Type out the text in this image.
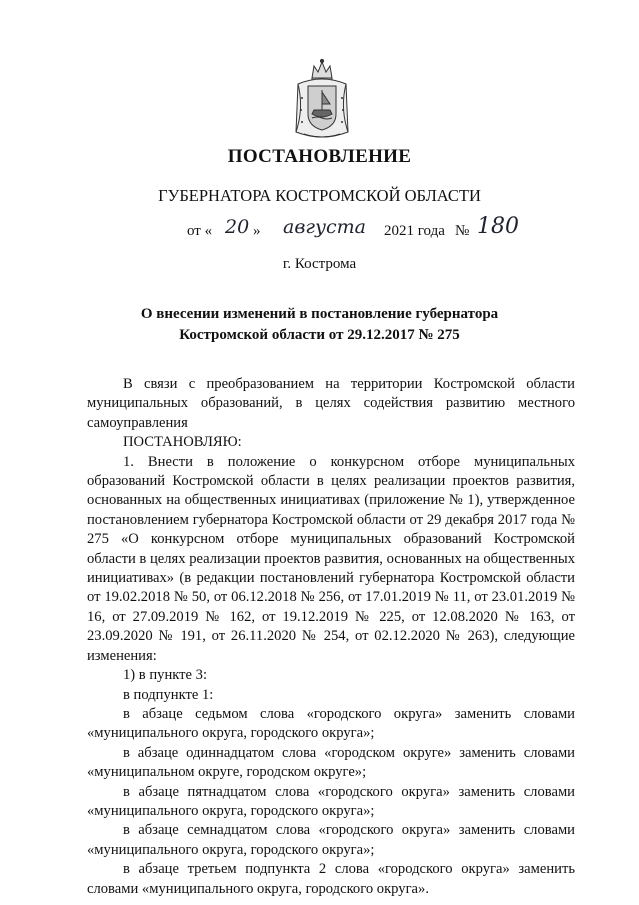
ПОСТАНОВЛЕНИЕ
ГУБЕРНАТОРА КОСТРОМСКОЙ ОБЛАСТИ
от « 20 » августа 2021 года № 180
г. Кострома
О внесении изменений в постановление губернатора
Костромской области от 29.12.2017 № 275

В связи с преобразованием на территории Костромской области муниципальных образований, в целях содействия развитию местного самоуправления

ПОСТАНОВЛЯЮ:

1. Внести в положение о конкурсном отборе муниципальных образований Костромской области в целях реализации проектов развития, основанных на общественных инициативах (приложение № 1), утвержденное постановлением губернатора Костромской области от 29 декабря 2017 года № 275 «О конкурсном отборе муниципальных образований Костромской области в целях реализации проектов развития, основанных на общественных инициативах» (в редакции постановлений губернатора Костромской области от 19.02.2018 № 50, от 06.12.2018 № 256, от 17.01.2019 № 11, от 23.01.2019 № 16, от 27.09.2019 № 162, от 19.12.2019 № 225, от 12.08.2020 № 163, от 23.09.2020 № 191, от 26.11.2020 № 254, от 02.12.2020 № 263), следующие изменения:

1) в пункте 3:

в подпункте 1:

в абзаце седьмом слова «городского округа» заменить словами «муниципального округа, городского округа»;

в абзаце одиннадцатом слова «городском округе» заменить словами «муниципальном округе, городском округе»;

в абзаце пятнадцатом слова «городского округа» заменить словами «муниципального округа, городского округа»;

в абзаце семнадцатом слова «городского округа» заменить словами «муниципального округа, городского округа»;

в абзаце третьем подпункта 2 слова «городского округа» заменить словами «муниципального округа, городского округа».
